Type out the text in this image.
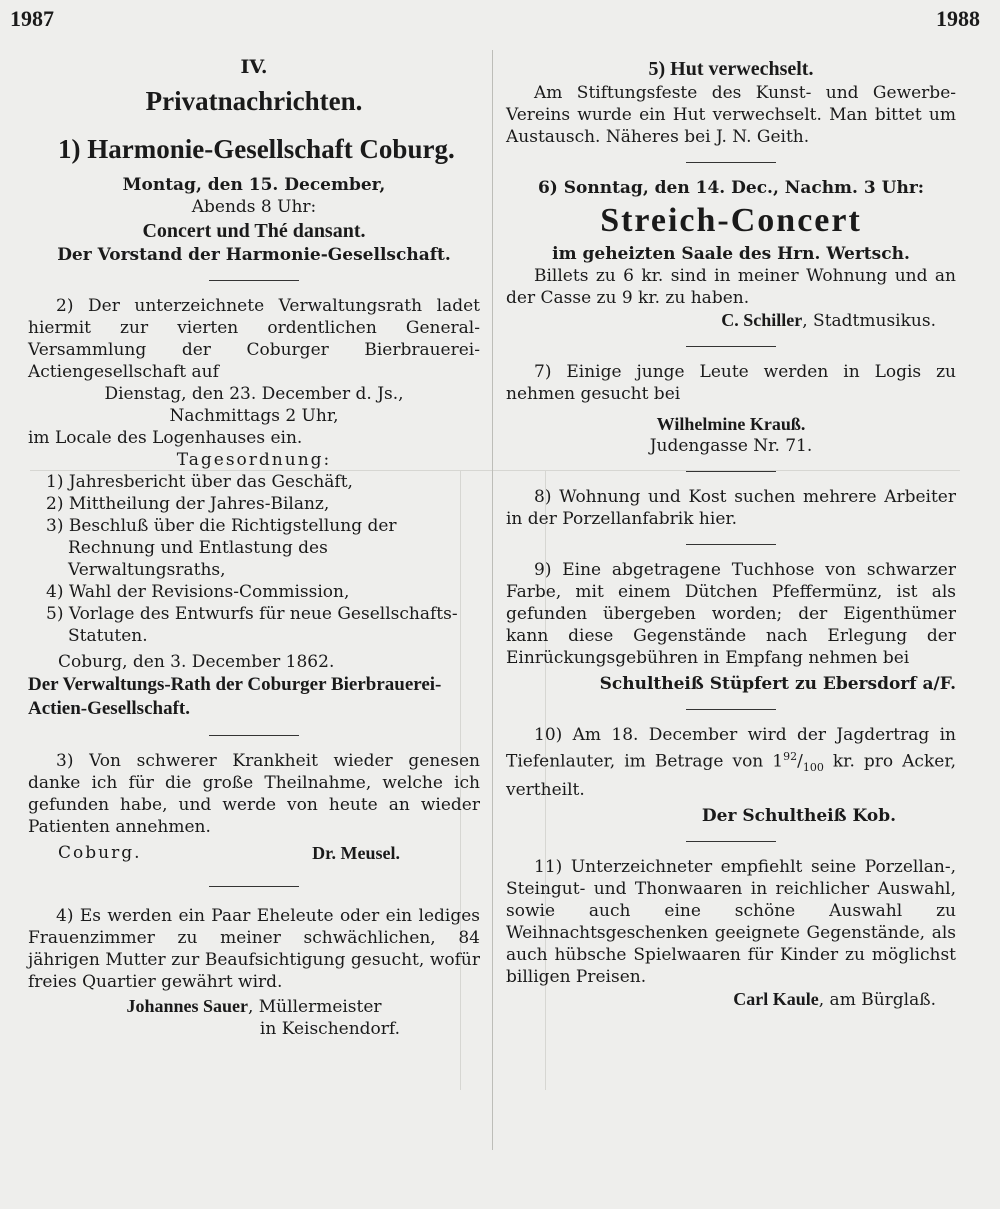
1987	1988

IV.

Privatnachrichten.

1) Harmonie-Gesellschaft Coburg.

Montag, den 15. December,

Abends 8 Uhr:

Concert und Thé dansant.

Der Vorstand der Harmonie-Gesellschaft.

2) Der unterzeichnete Verwaltungsrath ladet hiermit zur vierten ordentlichen General-Versammlung der Coburger Bierbrauerei-Actiengesellschaft auf

Dienstag, den 23. December d. Js.,

Nachmittags 2 Uhr,

im Locale des Logenhauses ein.

Tagesordnung:

1) Jahresbericht über das Geschäft,

2) Mittheilung der Jahres-Bilanz,

3) Beschluß über die Richtigstellung der Rechnung und Entlastung des Verwaltungsraths,

4) Wahl der Revisions-Commission,

5) Vorlage des Entwurfs für neue Gesellschafts-Statuten.

Coburg, den 3. December 1862.

Der Verwaltungs-Rath der Coburger Bierbrauerei-Actien-Gesellschaft.

3) Von schwerer Krankheit wieder genesen danke ich für die große Theilnahme, welche ich gefunden habe, und werde von heute an wieder Patienten annehmen.

Coburg.	Dr. Meusel.

4) Es werden ein Paar Eheleute oder ein lediges Frauenzimmer zu meiner schwächlichen, 84 jährigen Mutter zur Beaufsichtigung gesucht, wofür freies Quartier gewährt wird.

Johannes Sauer, Müllermeister

in Keischendorf.

5) Hut verwechselt.

Am Stiftungsfeste des Kunst- und Gewerbe-Vereins wurde ein Hut verwechselt. Man bittet um Austausch. Näheres bei J. N. Geith.

6) Sonntag, den 14. Dec., Nachm. 3 Uhr:

Streich-Concert

im geheizten Saale des Hrn. Wertsch.

Billets zu 6 kr. sind in meiner Wohnung und an der Casse zu 9 kr. zu haben.

C. Schiller, Stadtmusikus.

7) Einige junge Leute werden in Logis zu nehmen gesucht bei

Wilhelmine Krauß.

Judengasse Nr. 71.

8) Wohnung und Kost suchen mehrere Arbeiter in der Porzellanfabrik hier.

9) Eine abgetragene Tuchhose von schwarzer Farbe, mit einem Dütchen Pfeffermünz, ist als gefunden übergeben worden; der Eigenthümer kann diese Gegenstände nach Erlegung der Einrückungsgebühren in Empfang nehmen bei

Schultheiß Stüpfert zu Ebersdorf a/F.

10) Am 18. December wird der Jagdertrag in Tiefenlauter, im Betrage von $1^{92}/_{100}$ kr. pro Acker, vertheilt.

Der Schultheiß Kob.

11) Unterzeichneter empfiehlt seine Porzellan-, Steingut- und Thonwaaren in reichlicher Auswahl, sowie auch eine schöne Auswahl zu Weihnachtsgeschenken geeignete Gegenstände, als auch hübsche Spielwaaren für Kinder zu möglichst billigen Preisen.

Carl Kaule, am Bürglaß.
